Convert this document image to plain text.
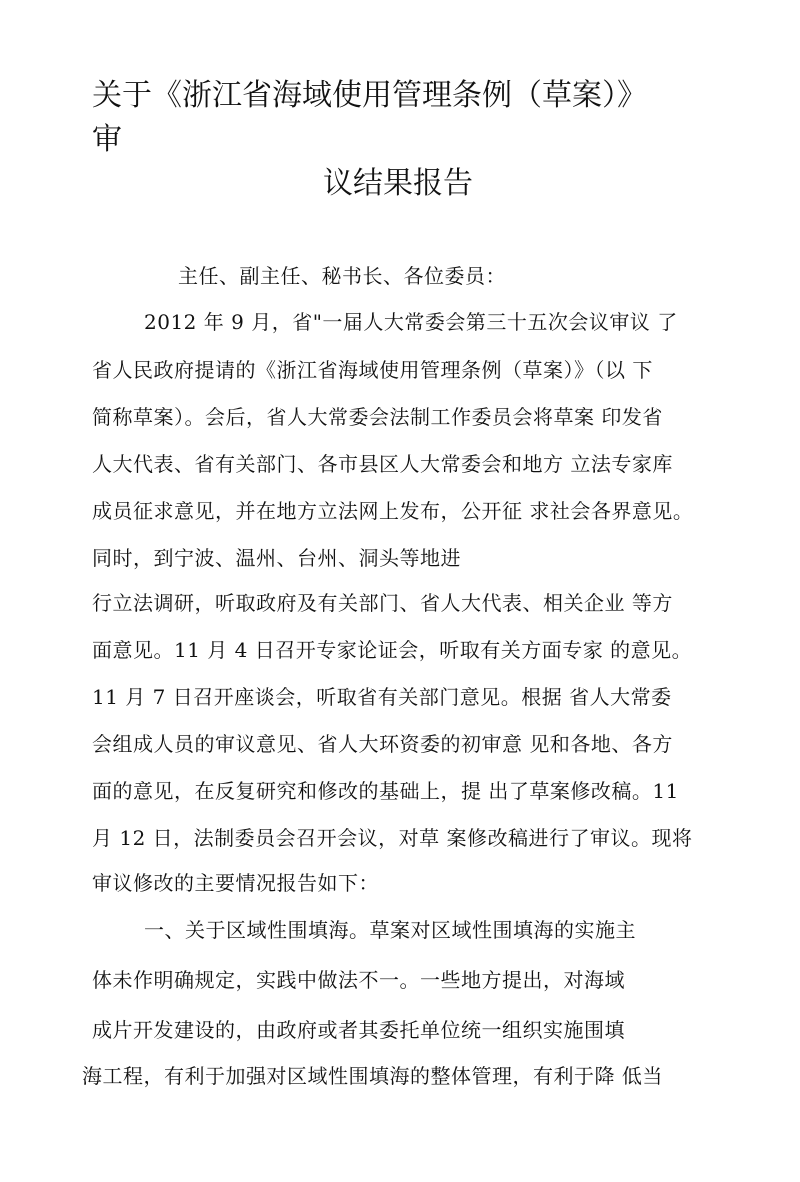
关于《浙江省海域使用管理条例（草案）》
审
议结果报告
主任、副主任、秘书长、各位委员：
2012 年 9 月，省"一届人大常委会第三十五次会议审议 了
省人民政府提请的《浙江省海域使用管理条例（草案）》（以 下
简称草案）。会后，省人大常委会法制工作委员会将草案 印发省
人大代表、省有关部门、各市县区人大常委会和地方 立法专家库
成员征求意见，并在地方立法网上发布，公开征 求社会各界意见。
同时，到宁波、温州、台州、洞头等地进
行立法调研，听取政府及有关部门、省人大代表、相关企业 等方
面意见。11 月 4 日召开专家论证会，听取有关方面专家 的意见。
11 月 7 日召开座谈会，听取省有关部门意见。根据 省人大常委
会组成人员的审议意见、省人大环资委的初审意 见和各地、各方
面的意见，在反复研究和修改的基础上，提 出了草案修改稿。11
月 12 日，法制委员会召开会议，对草 案修改稿进行了审议。现将
审议修改的主要情况报告如下：
一、关于区域性围填海。草案对区域性围填海的实施主
体未作明确规定，实践中做法不一。一些地方提出，对海域
成片开发建设的，由政府或者其委托单位统一组织实施围填
海工程，有利于加强对区域性围填海的整体管理，有利于降 低当
